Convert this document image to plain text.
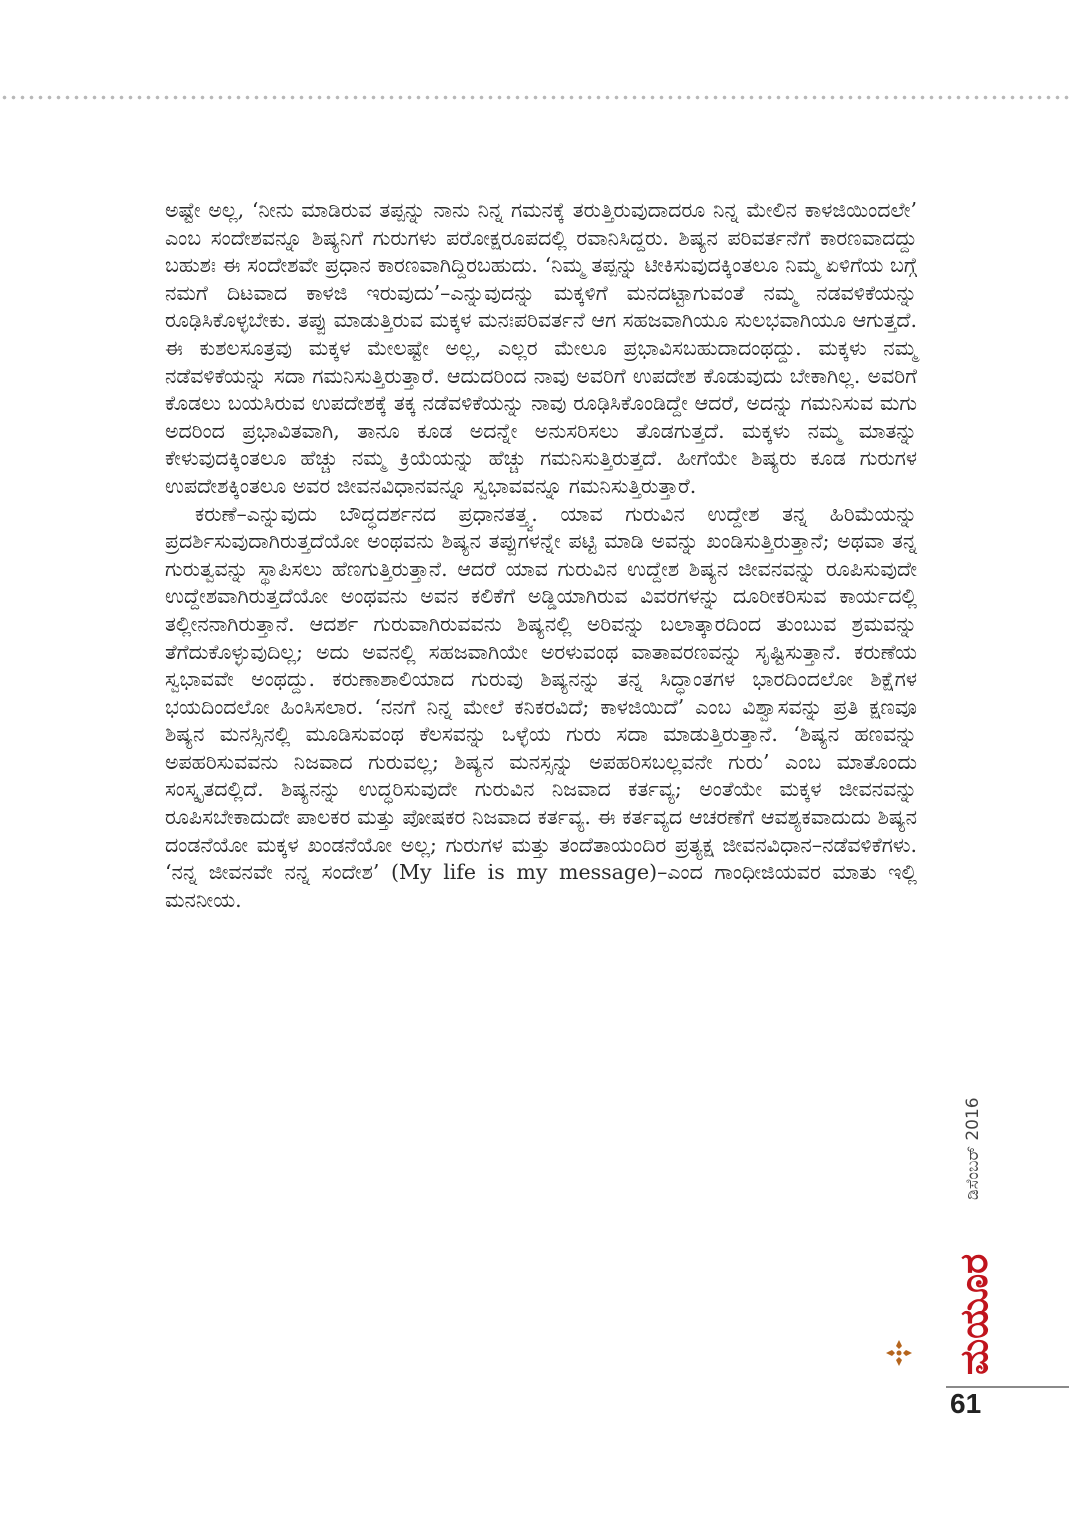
ಅಷ್ಟೇ ಅಲ್ಲ, ‘ನೀನು ಮಾಡಿರುವ ತಪ್ಪನ್ನು ನಾನು ನಿನ್ನ ಗಮನಕ್ಕೆ ತರುತ್ತಿರುವುದಾದರೂ ನಿನ್ನ ಮೇಲಿನ ಕಾಳಜಿಯಿಂದಲೇ’ ಎಂಬ ಸಂದೇಶವನ್ನೂ ಶಿಷ್ಯನಿಗೆ ಗುರುಗಳು ಪರೋಕ್ಷರೂಪದಲ್ಲಿ ರವಾನಿಸಿದ್ದರು. ಶಿಷ್ಯನ ಪರಿವರ್ತನೆಗೆ ಕಾರಣವಾದದ್ದು ಬಹುಶಃ ಈ ಸಂದೇಶವೇ ಪ್ರಧಾನ ಕಾರಣವಾಗಿದ್ದಿರಬಹುದು. ‘ನಿಮ್ಮ ತಪ್ಪನ್ನು ಟೀಕಿಸುವುದಕ್ಕಿಂತಲೂ ನಿಮ್ಮ ಏಳಿಗೆಯ ಬಗ್ಗೆ ನಮಗೆ ದಿಟವಾದ ಕಾಳಜಿ ಇರುವುದು’–ಎನ್ನುವುದನ್ನು ಮಕ್ಕಳಿಗೆ ಮನದಟ್ಟಾಗುವಂತೆ ನಮ್ಮ ನಡವಳಿಕೆಯನ್ನು ರೂಢಿಸಿಕೊಳ್ಳಬೇಕು. ತಪ್ಪು ಮಾಡುತ್ತಿರುವ ಮಕ್ಕಳ ಮನಃಪರಿವರ್ತನೆ ಆಗ ಸಹಜವಾಗಿಯೂ ಸುಲಭವಾಗಿಯೂ ಆಗುತ್ತದೆ. ಈ ಕುಶಲಸೂತ್ರವು ಮಕ್ಕಳ ಮೇಲಷ್ಟೇ ಅಲ್ಲ, ಎಲ್ಲರ ಮೇಲೂ ಪ್ರಭಾವಿಸಬಹುದಾದಂಥದ್ದು. ಮಕ್ಕಳು ನಮ್ಮ ನಡೆವಳಿಕೆಯನ್ನು ಸದಾ ಗಮನಿಸುತ್ತಿರುತ್ತಾರೆ. ಆದುದರಿಂದ ನಾವು ಅವರಿಗೆ ಉಪದೇಶ ಕೊಡುವುದು ಬೇಕಾಗಿಲ್ಲ. ಅವರಿಗೆ ಕೊಡಲು ಬಯಸಿರುವ ಉಪದೇಶಕ್ಕೆ ತಕ್ಕ ನಡೆವಳಿಕೆಯನ್ನು ನಾವು ರೂಢಿಸಿಕೊಂಡಿದ್ದೇ ಆದರೆ, ಅದನ್ನು ಗಮನಿಸುವ ಮಗು ಅದರಿಂದ ಪ್ರಭಾವಿತವಾಗಿ, ತಾನೂ ಕೂಡ ಅದನ್ನೇ ಅನುಸರಿಸಲು ತೊಡಗುತ್ತದೆ. ಮಕ್ಕಳು ನಮ್ಮ ಮಾತನ್ನು ಕೇಳುವುದಕ್ಕಿಂತಲೂ ಹೆಚ್ಚು ನಮ್ಮ ಕ್ರಿಯೆಯನ್ನು ಹೆಚ್ಚು ಗಮನಿಸುತ್ತಿರುತ್ತದೆ. ಹೀಗೆಯೇ ಶಿಷ್ಯರು ಕೂಡ ಗುರುಗಳ ಉಪದೇಶಕ್ಕಿಂತಲೂ ಅವರ ಜೀವನವಿಧಾನವನ್ನೂ ಸ್ವಭಾವವನ್ನೂ ಗಮನಿಸುತ್ತಿರುತ್ತಾರೆ.

ಕರುಣೆ–ಎನ್ನುವುದು ಬೌದ್ಧದರ್ಶನದ ಪ್ರಧಾನತತ್ತ್ವ. ಯಾವ ಗುರುವಿನ ಉದ್ದೇಶ ತನ್ನ ಹಿರಿಮೆಯನ್ನು ಪ್ರದರ್ಶಿಸುವುದಾಗಿರುತ್ತದೆಯೋ ಅಂಥವನು ಶಿಷ್ಯನ ತಪ್ಪುಗಳನ್ನೇ ಪಟ್ಟಿ ಮಾಡಿ ಅವನ್ನು ಖಂಡಿಸುತ್ತಿರುತ್ತಾನೆ; ಅಥವಾ ತನ್ನ ಗುರುತ್ವವನ್ನು ಸ್ಥಾಪಿಸಲು ಹೆಣಗುತ್ತಿರುತ್ತಾನೆ. ಆದರೆ ಯಾವ ಗುರುವಿನ ಉದ್ದೇಶ ಶಿಷ್ಯನ ಜೀವನವನ್ನು ರೂಪಿಸುವುದೇ ಉದ್ದೇಶವಾಗಿರುತ್ತದೆಯೋ ಅಂಥವನು ಅವನ ಕಲಿಕೆಗೆ ಅಡ್ಡಿಯಾಗಿರುವ ವಿವರಗಳನ್ನು ದೂರೀಕರಿಸುವ ಕಾರ್ಯದಲ್ಲಿ ತಲ್ಲೀನನಾಗಿರುತ್ತಾನೆ. ಆದರ್ಶ ಗುರುವಾಗಿರುವವನು ಶಿಷ್ಯನಲ್ಲಿ ಅರಿವನ್ನು ಬಲಾತ್ಕಾರದಿಂದ ತುಂಬುವ ಶ್ರಮವನ್ನು ತೆಗೆದುಕೊಳ್ಳುವುದಿಲ್ಲ; ಅದು ಅವನಲ್ಲಿ ಸಹಜವಾಗಿಯೇ ಅರಳುವಂಥ ವಾತಾವರಣವನ್ನು ಸೃಷ್ಟಿಸುತ್ತಾನೆ. ಕರುಣೆಯ ಸ್ವಭಾವವೇ ಅಂಥದ್ದು. ಕರುಣಾಶಾಲಿಯಾದ ಗುರುವು ಶಿಷ್ಯನನ್ನು ತನ್ನ ಸಿದ್ಧಾಂತಗಳ ಭಾರದಿಂದಲೋ ಶಿಕ್ಷೆಗಳ ಭಯದಿಂದಲೋ ಹಿಂಸಿಸಲಾರ. ‘ನನಗೆ ನಿನ್ನ ಮೇಲೆ ಕನಿಕರವಿದೆ; ಕಾಳಜಿಯಿದೆ’ ಎಂಬ ವಿಶ್ವಾಸವನ್ನು ಪ್ರತಿ ಕ್ಷಣವೂ ಶಿಷ್ಯನ ಮನಸ್ಸಿನಲ್ಲಿ ಮೂಡಿಸುವಂಥ ಕೆಲಸವನ್ನು ಒಳ್ಳೆಯ ಗುರು ಸದಾ ಮಾಡುತ್ತಿರುತ್ತಾನೆ. ‘ಶಿಷ್ಯನ ಹಣವನ್ನು ಅಪಹರಿಸುವವನು ನಿಜವಾದ ಗುರುವಲ್ಲ; ಶಿಷ್ಯನ ಮನಸ್ಸನ್ನು ಅಪಹರಿಸಬಲ್ಲವನೇ ಗುರು’ ಎಂಬ ಮಾತೊಂದು ಸಂಸ್ಕೃತದಲ್ಲಿದೆ. ಶಿಷ್ಯನನ್ನು ಉದ್ಧರಿಸುವುದೇ ಗುರುವಿನ ನಿಜವಾದ ಕರ್ತವ್ಯ; ಅಂತೆಯೇ ಮಕ್ಕಳ ಜೀವನವನ್ನು ರೂಪಿಸಬೇಕಾದುದೇ ಪಾಲಕರ ಮತ್ತು ಪೋಷಕರ ನಿಜವಾದ ಕರ್ತವ್ಯ. ಈ ಕರ್ತವ್ಯದ ಆಚರಣೆಗೆ ಆವಶ್ಯಕವಾದುದು ಶಿಷ್ಯನ ದಂಡನೆಯೋ ಮಕ್ಕಳ ಖಂಡನೆಯೋ ಅಲ್ಲ; ಗುರುಗಳ ಮತ್ತು ತಂದೆತಾಯಂದಿರ ಪ್ರತ್ಯಕ್ಷ ಜೀವನವಿಧಾನ–ನಡೆವಳಿಕೆಗಳು. ‘ನನ್ನ ಜೀವನವೇ ನನ್ನ ಸಂದೇಶ’ (My life is my message)–ಎಂದ ಗಾಂಧೀಜಿಯವರ ಮಾತು ಇಲ್ಲಿ ಮನನೀಯ.

ಡಿಸೆಂಬರ್ 2016
ಮಯೂರ
61
